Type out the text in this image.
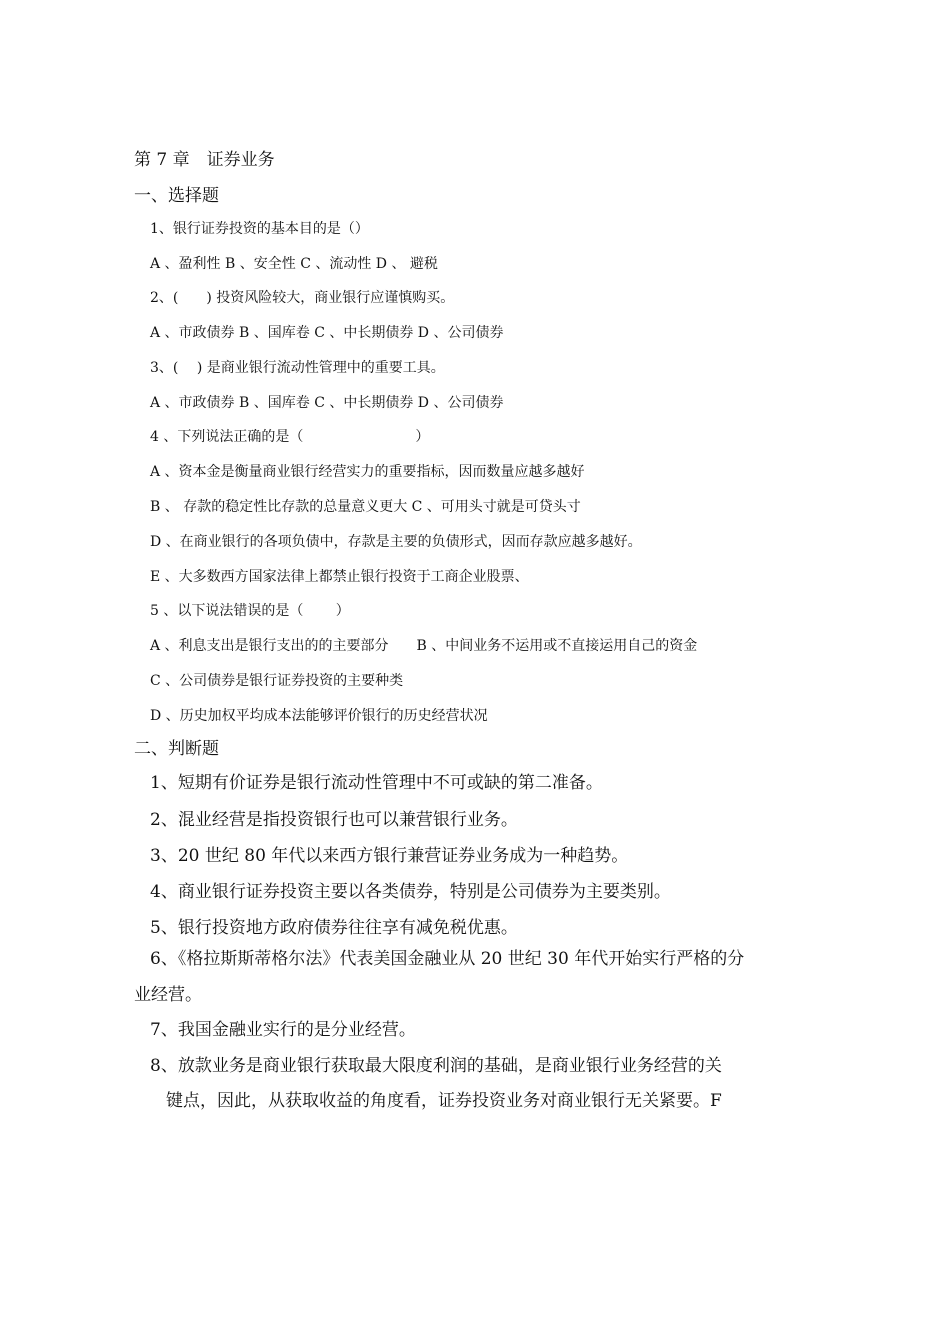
第 7 章　证券业务
一、选择题
1、银行证券投资的基本目的是（）
A 、盈利性 B 、安全性 C 、流动性 D 、 避税
2、(　　) 投资风险较大，商业银行应谨慎购买。
A 、市政债券 B 、国库卷 C 、中长期债券 D 、公司债券
3、(　 ) 是商业银行流动性管理中的重要工具。
A 、市政债券 B 、国库卷 C 、中长期债券 D 、公司债券
4 、下列说法正确的是（　　　　　　　　）
A 、资本金是衡量商业银行经营实力的重要指标，因而数量应越多越好
B 、 存款的稳定性比存款的总量意义更大 C 、可用头寸就是可贷头寸
D 、在商业银行的各项负债中，存款是主要的负债形式，因而存款应越多越好。
E 、大多数西方国家法律上都禁止银行投资于工商企业股票、
5 、以下说法错误的是（　　 ）
A 、利息支出是银行支出的的主要部分　　B 、中间业务不运用或不直接运用自己的资金
C 、公司债券是银行证券投资的主要种类
D 、历史加权平均成本法能够评价银行的历史经营状况
二、判断题
1、短期有价证券是银行流动性管理中不可或缺的第二准备。
2、混业经营是指投资银行也可以兼营银行业务。
3、20 世纪 80 年代以来西方银行兼营证券业务成为一种趋势。
4、商业银行证券投资主要以各类债券，特别是公司债券为主要类别。
5、银行投资地方政府债券往往享有减免税优惠。
6、《格拉斯斯蒂格尔法》代表美国金融业从 20 世纪 30 年代开始实行严格的分
业经营。
7、我国金融业实行的是分业经营。
8、放款业务是商业银行获取最大限度利润的基础，是商业银行业务经营的关
键点，因此，从获取收益的角度看，证券投资业务对商业银行无关紧要。F
